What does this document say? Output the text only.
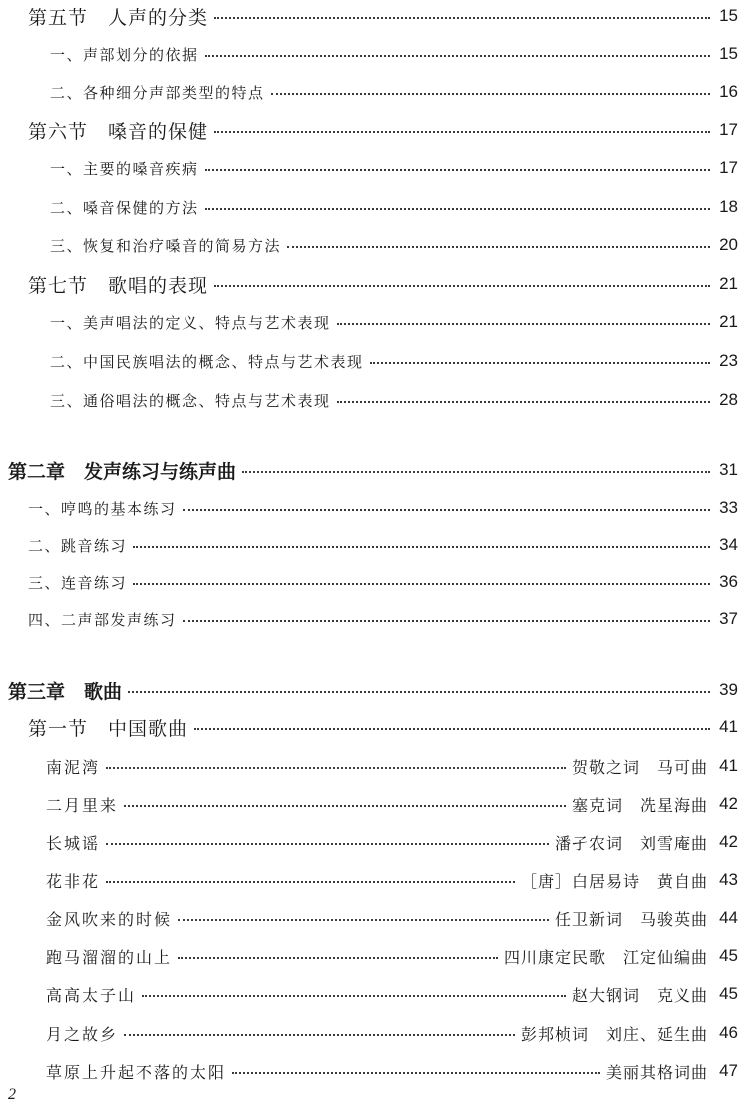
第五节　人声的分类	15
一、声部划分的依据	15
二、各种细分声部类型的特点	16
第六节　嗓音的保健	17
一、主要的嗓音疾病	17
二、嗓音保健的方法	18
三、恢复和治疗嗓音的简易方法	20
第七节　歌唱的表现	21
一、美声唱法的定义、特点与艺术表现	21
二、中国民族唱法的概念、特点与艺术表现	23
三、通俗唱法的概念、特点与艺术表现	28
第二章　发声练习与练声曲	31
一、哼鸣的基本练习	33
二、跳音练习	34
三、连音练习	36
四、二声部发声练习	37
第三章　歌曲	39
第一节　中国歌曲	41
南泥湾	贺敬之词　马可曲 41
二月里来	塞克词　冼星海曲 42
长城谣	潘孑农词　刘雪庵曲 42
花非花	［唐］白居易诗　黄自曲 43
金风吹来的时候	任卫新词　马骏英曲 44
跑马溜溜的山上	四川康定民歌　江定仙编曲 45
高高太子山	赵大钢词　克义曲 45
月之故乡	彭邦桢词　刘庄、延生曲 46
草原上升起不落的太阳	美丽其格词曲 47
2
